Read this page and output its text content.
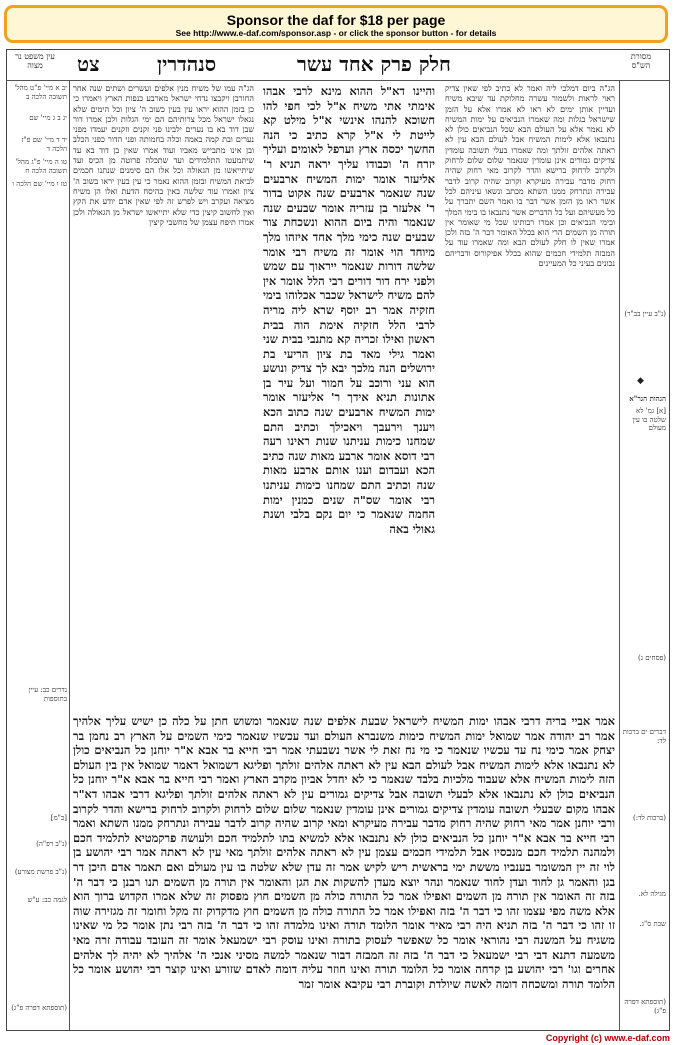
Sponsor the daf for $18 per page
See http://www.e-daf.com/sponsor.asp - or click the sponsor button - for details
עין משפט נר מצוה	צט	סנהדרין	חלק פרק אחד עשר	מסורת הש"ס
הג"ה עמו של משיח מנין אלפים ועשרים ושתים שנה אחר החורבן ויקבצו נדחי ישראל מארבע כנפות הארץ ויאמרו כי כן בזמן ההוא יראו עין בעין כשוב ה' ציון וכל הימים שלא נגאלו ישראל מכל צרותיהם הם ימי הגלות ולכן אמרו דור שבן דוד בא בו נערים ילבינו פני זקנים וזקנים יעמדו מפני נערים ובת קמה באמה וכלה בחמותה ופני הדור כפני הכלב ובן אינו מתבייש מאביו ועוד אמרו שאין בן דוד בא עד שיתמעטו התלמידים ועד שתכלה פרוטה מן הכיס ועד שיתייאשו מן הגאולה וכל אלו הם סימנים שנתנו חכמים לביאת המשיח ובזמן ההוא נאמר כי עין בעין יראו בשוב ה' ציון ואמרו עוד שלשה באין בהיסח הדעת ואלו הן משיח מציאה ועקרב ויש לפרש זה לפי שאין אדם יודע את הקץ ואין לחשוב קיצין כדי שלא יתייאשו ישראל מן הגאולה ולכן אמרו תיפח עצמן של מחשבי קיצין
והיינו דא"ל ההוא מינא לרבי אבהו אימתי אתי משיח א"ל לכי חפי להו חשוכא להנהו אינשי א"ל מילט קא לייטת לי א"ל קרא כתיב כי הנה החשך יכסה ארץ וערפל לאומים ועליך יזרח ה' וכבודו עליך יראה תניא ר' אליעזר אומר ימות המשיח ארבעים שנה שנאמר ארבעים שנה אקוט בדור ר' אלעזר בן עזריה אומר שבעים שנה שנאמר והיה ביום ההוא ונשכחת צור שבעים שנה כימי מלך אחד איזהו מלך מיוחד הוי אומר זה משיח רבי אומר שלשה דורות שנאמר ייראוך עם שמש ולפני ירח דור דורים רבי הלל אומר אין להם משיח לישראל שכבר אכלוהו בימי חזקיה אמר רב יוסף שרא ליה מריה לרבי הלל חזקיה אימת הוה בבית ראשון ואילו זכריה קא מתנבי בבית שני ואמר גילי מאד בת ציון הריעי בת ירושלים הנה מלכך יבא לך צדיק ונושע הוא עני ורוכב על חמור ועל עיר בן אתונות תניא אידך ר' אליעזר אומר ימות המשיח ארבעים שנה כתוב הכא ויענך וירעבך ויאכילך וכתיב התם שמחנו כימות עניתנו שנות ראינו רעה רבי דוסא אומר ארבע מאות שנה כתיב הכא ועבדום וענו אותם ארבע מאות שנה וכתיב התם שמחנו כימות עניתנו רבי אומר שס"ה שנים כמנין ימות החמה שנאמר כי יום נקם בלבי ושנת גאולי באה
הג"ה ביום דמלכי ליה ואמר לא כתיב לפי שאין צדיק ראוי לראות ולשמור עשרה מחלוקת עד שיבא משיח ועדיין אותן ימים לא ראו לא אמרו אלא על הזמן שישראל בגלות ומה שאמרו הנביאים על ימות המשיח לא נאמר אלא על העולם הבא שכל הנביאים כולן לא נתנבאו אלא לימות המשיח אבל לעולם הבא עין לא ראתה אלהים זולתך ומה שאמרו בעלי תשובה עומדין צדיקים גמורים אינן עומדין שנאמר שלום שלום לרחוק ולקרוב לרחוק ברישא והדר לקרוב מאי רחוק שהיה רחוק מדבר עבירה מעיקרא וקרוב שהיה קרוב לדבר עבירה ונתרחק ממנו השתא מכתב ונשאו עיניהם לכל אשר ראו מן הזמן אשר דבר בו ואמר השם יתברך על כל מעשיהם ועל כל הדברים אשר נתנבאו בו בימי המלך ובימי הנביאים וכן אמרו רבותינו שכל מי שאומר אין תורה מן השמים הרי הוא בכלל האומר דבר ה' בזה ולכן אמרו שאין לו חלק לעולם הבא ומה שאמרו עוד על המבזה תלמידי חכמים שהוא בכלל אפיקורוס ודבריהם נכונים בעיני כל המעיינים
אמר אביי בריה דרבי אבהו ימות המשיח לישראל שבעת אלפים שנה שנאמר ומשוש חתן על כלה כן ישיש עליך אלהיך אמר רב יהודה אמר שמואל ימות המשיח כימות משנברא העולם ועד עכשיו שנאמר כימי השמים על הארץ רב נחמן בר יצחק אמר כימי נח עד עכשיו שנאמר כי מי נח זאת לי אשר נשבעתי אמר רבי חייא בר אבא א"ר יוחנן כל הנביאים כולן לא נתנבאו אלא לימות המשיח אבל לעולם הבא עין לא ראתה אלהים זולתך ופליגא דשמואל דאמר שמואל אין בין העולם הזה לימות המשיח אלא שעבוד מלכיות בלבד שנאמר כי לא יחדל אביון מקרב הארץ ואמר רבי חייא בר אבא א"ר יוחנן כל הנביאים כולן לא נתנבאו אלא לבעלי תשובה אבל צדיקים גמורים עין לא ראתה אלהים זולתך ופליגא דרבי אבהו דא"ר אבהו מקום שבעלי תשובה עומדין צדיקים גמורים אינן עומדין שנאמר שלום שלום לרחוק ולקרוב לרחוק ברישא והדר לקרוב ורבי יוחנן אמר מאי רחוק שהיה רחוק מדבר עבירה מעיקרא ומאי קרוב שהיה קרוב לדבר עבירה ונתרחק ממנו השתא ואמר רבי חייא בר אבא א"ר יוחנן כל הנביאים כולן לא נתנבאו אלא למשיא בתו לתלמיד חכם ולעושה פרקמטיא לתלמיד חכם ולמהנה תלמיד חכם מנכסיו אבל תלמידי חכמים עצמן עין לא ראתה אלהים זולתך מאי עין לא ראתה אמר רבי יהושע בן לוי זה יין המשומר בענביו מששת ימי בראשית ריש לקיש אמר זה עדן שלא שלטה בו עין מעולם ואם תאמר אדם היכן דר בגן והאמר גן לחוד ועדן לחוד שנאמר ונהר יוצא מעדן להשקות את הגן והאומר אין תורה מן השמים תנו רבנן כי דבר ה' בזה זה האומר אין תורה מן השמים ואפילו אמר כל התורה כולה מן השמים חוץ מפסוק זה שלא אמרו הקדוש ברוך הוא אלא משה מפי עצמו זהו כי דבר ה' בזה ואפילו אמר כל התורה כולה מן השמים חוץ מדקדוק זה מקל וחומר זה מגזירה שוה זו זהו כי דבר ה' בזה תניא היה רבי מאיר אומר הלומד תורה ואינו מלמדה זהו כי דבר ה' בזה רבי נתן אומר כל מי שאינו משגיח על המשנה רבי נהוראי אומר כל שאפשר לעסוק בתורה ואינו עוסק רבי ישמעאל אומר זה העובד עבודה זרה מאי משמעה דתנא דבי רבי ישמעאל כי דבר ה' בזה זה המבזה דבור שנאמר למשה מסיני אנכי ה' אלהיך לא יהיה לך אלהים אחרים וגו' רבי יהושע בן קרחה אומר כל הלומד תורה ואינו חוזר עליה דומה לאדם שזורע ואינו קוצר רבי יהושע אומר כל הלומד תורה ומשכחה דומה לאשה שיולדת וקוברת רבי עקיבא אומר זמר
(נ"ב עיין בב"ר)
◆
הגהות הגר"א
[א] גמ' לא שלטה בו עין מעולם
(פסחים נ)
דברים ים ברכות לד:
(ברכות לד:)
מגילה לא.
שבת ס"ג.
(תוספתא דפרה פ"ג)
יב א מיי' פ"ט מהל' תשובה הלכה ב
יג ב ג מיי' שם
יד ד מיי' שם פ"ז הלכה ד
טו ה מיי' פ"ג מהל' תשובה הלכה ח
טז ו מיי' שם הלכה ו
נדרים כב: עיין בתוספות
[כ"מ]
(נ"ב דפ"ה)
(נ"ב פרשת מצורע)
לגמה כב: ע"ש
(תוספתא דפרה פ"ג)
Copyright (c) www.e-daf.com
